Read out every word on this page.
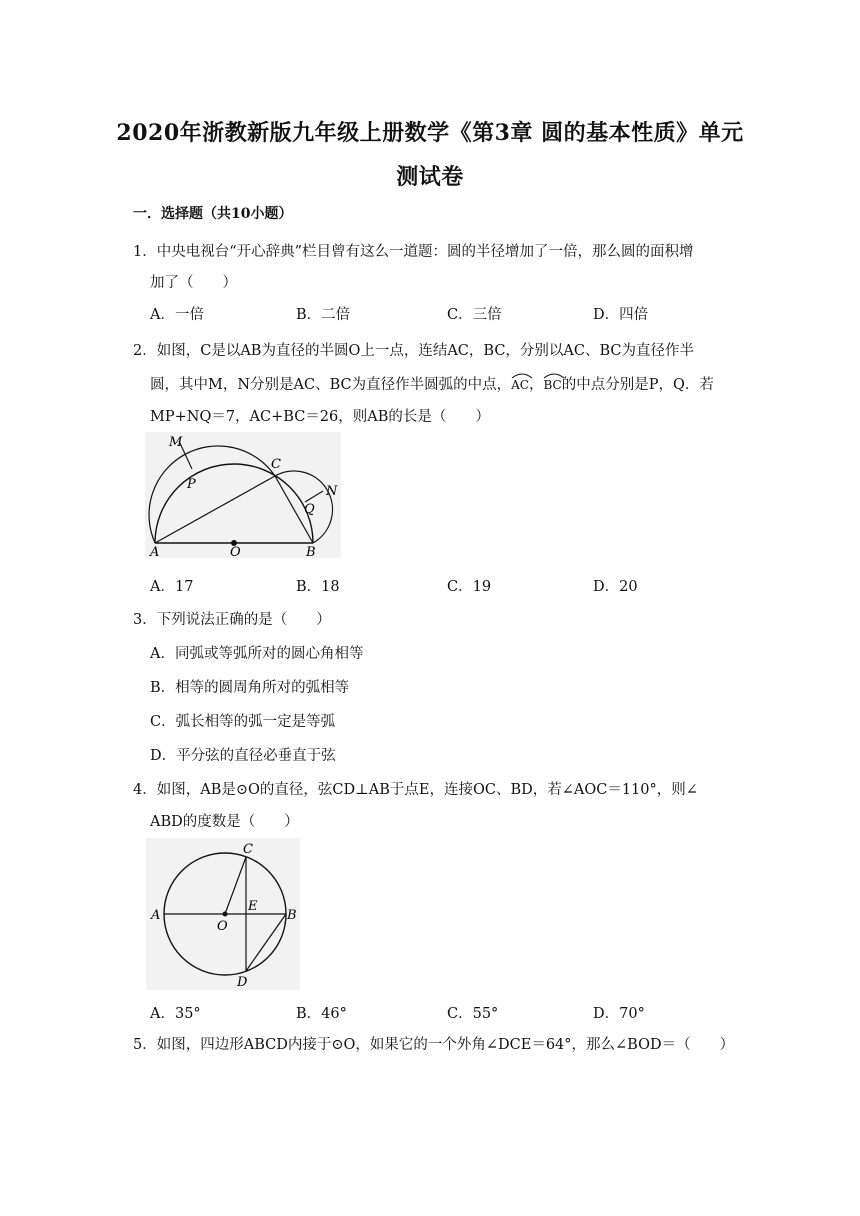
2020年浙教新版九年级上册数学《第3章 圆的基本性质》单元
测试卷
一．选择题（共10小题）
1．中央电视台“开心辞典”栏目曾有这么一道题：圆的半径增加了一倍，那么圆的面积增
加了（　　）
A．一倍	B．二倍	C．三倍	D．四倍
2．如图，C是以AB为直径的半圆O上一点，连结AC，BC，分别以AC、BC为直径作半
圆，其中M，N分别是AC、BC为直径作半圆弧的中点，
AC，
BC的中点分别是P，Q．若
MP+NQ＝7，AC+BC＝26，则AB的长是（　　）
M
P
C
N
Q
A	O	B
A．17	B．18	C．19	D．20
3．下列说法正确的是（　　）
A．同弧或等弧所对的圆心角相等
B．相等的圆周角所对的弧相等
C．弧长相等的弧一定是等弧
D．平分弦的直径必垂直于弦
4．如图，AB是⊙O的直径，弦CD⊥AB于点E，连接OC、BD，若∠AOC＝110°，则∠
ABD的度数是（　　）
C
A
E
B
O
D
A．35°	B．46°	C．55°	D．70°
5．如图，四边形ABCD内接于⊙O，如果它的一个外角∠DCE＝64°，那么∠BOD＝（　　）
